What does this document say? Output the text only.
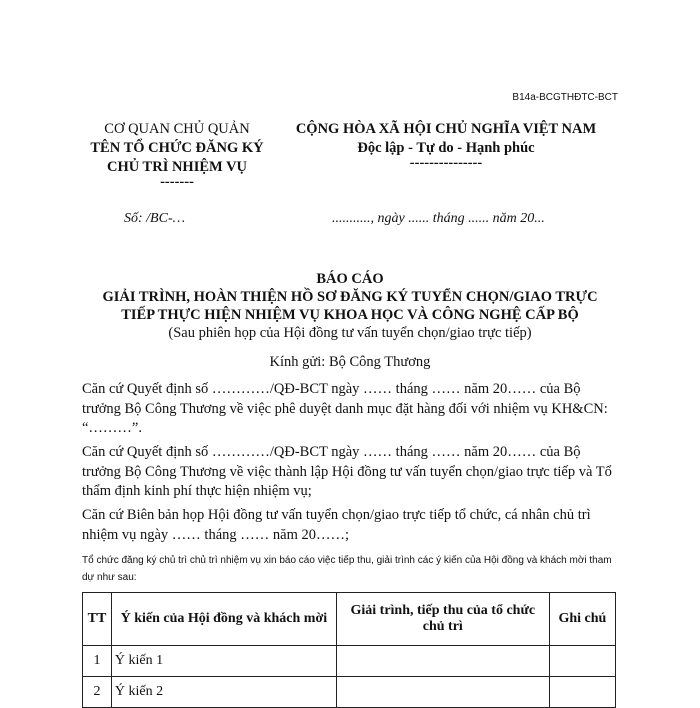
B14a-BCGTHĐTC-BCT
CƠ QUAN CHỦ QUẢN
TÊN TỔ CHỨC ĐĂNG KÝ
CHỦ TRÌ NHIỆM VỤ
-------
CỘNG HÒA XÃ HỘI CHỦ NGHĨA VIỆT NAM
Độc lập - Tự do - Hạnh phúc
---------------
Số: /BC-…	..........., ngày ...... tháng ...... năm 20...
BÁO CÁO
GIẢI TRÌNH, HOÀN THIỆN HỒ SƠ ĐĂNG KÝ TUYỂN CHỌN/GIAO TRỰC
TIẾP THỰC HIỆN NHIỆM VỤ KHOA HỌC VÀ CÔNG NGHỆ CẤP BỘ
(Sau phiên họp của Hội đồng tư vấn tuyển chọn/giao trực tiếp)
Kính gửi: Bộ Công Thương
Căn cứ Quyết định số …………/QĐ-BCT ngày …… tháng …… năm 20…… của Bộ trưởng Bộ Công Thương về việc phê duyệt danh mục đặt hàng đối với nhiệm vụ KH&CN: “………”.
Căn cứ Quyết định số …………/QĐ-BCT ngày …… tháng …… năm 20…… của Bộ trưởng Bộ Công Thương về việc thành lập Hội đồng tư vấn tuyển chọn/giao trực tiếp và Tổ thẩm định kinh phí thực hiện nhiệm vụ;
Căn cứ Biên bản họp Hội đồng tư vấn tuyển chọn/giao trực tiếp tổ chức, cá nhân chủ trì nhiệm vụ ngày …… tháng …… năm 20……;
Tổ chức đăng ký chủ trì chủ trì nhiệm vụ xin báo cáo việc tiếp thu, giải trình các ý kiến của Hội đồng và khách mời tham dự như sau:
TT	Ý kiến của Hội đồng và khách mời	Giải trình, tiếp thu của tổ chức chủ trì	Ghi chú
1	Ý kiến 1		
2	Ý kiến 2		
